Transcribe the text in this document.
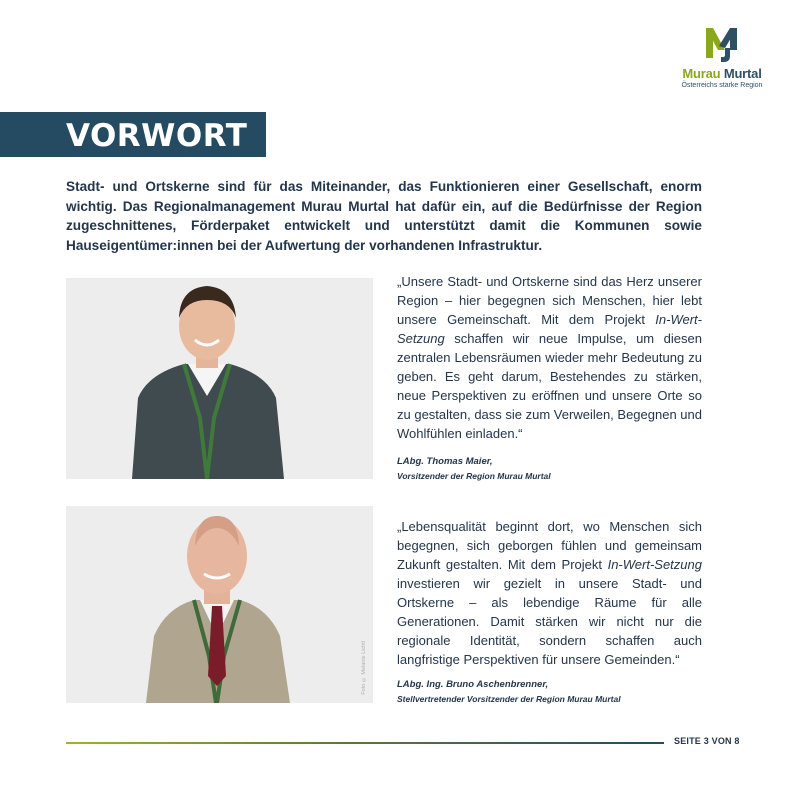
Murau Murtal
Österreichs starke Region
VORWORT

Stadt- und Ortskerne sind für das Miteinander, das Funktionieren einer Gesellschaft, enorm wichtig. Das Regionalmanagement Murau Murtal hat dafür ein, auf die Bedürfnisse der Region zugeschnittenes, Förderpaket entwickelt und unterstützt damit die Kommunen sowie Hauseigentümer:innen bei der Aufwertung der vorhandenen Infrastruktur.

„Unsere Stadt- und Ortskerne sind das Herz unserer Region – hier begegnen sich Menschen, hier lebt unsere Gemeinschaft. Mit dem Projekt In-Wert-Setzung schaffen wir neue Impulse, um diesen zentralen Lebensräumen wieder mehr Bedeutung zu geben. Es geht darum, Bestehendes zu stärken, neue Perspektiven zu eröffnen und unsere Orte so zu gestalten, dass sie zum Verweilen, Begegnen und Wohlfühlen einladen.“

LAbg. Thomas Maier,
Vorsitzender der Region Murau Murtal
Foto © Melanie Lichtl

„Lebensqualität beginnt dort, wo Menschen sich begegnen, sich geborgen fühlen und gemeinsam Zukunft gestalten. Mit dem Projekt In-Wert-Setzung investieren wir gezielt in unsere Stadt- und Ortskerne – als lebendige Räume für alle Generationen. Damit stärken wir nicht nur die regionale Identität, sondern schaffen auch langfristige Perspektiven für unsere Gemeinden.“

LAbg. Ing. Bruno Aschenbrenner,
Stellvertretender Vorsitzender der Region Murau Murtal
SEITE 3 VON 8
